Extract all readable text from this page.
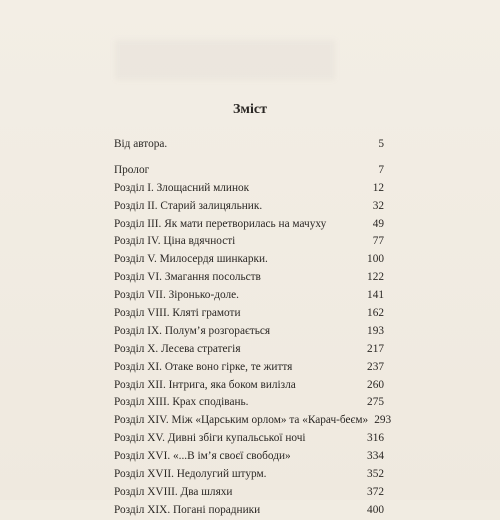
Зміст
Від автора.	5
Пролог	7
Розділ І. Злощасний млинок	12
Розділ ІІ. Старий залицяльник.	32
Розділ ІІІ. Як мати перетворилась на мачуху	49
Розділ IV. Ціна вдячності	77
Розділ V. Милосердя шинкарки.	100
Розділ VI. Змагання посольств	122
Розділ VII. Зіронько-доле.	141
Розділ VIII. Кляті грамоти	162
Розділ IX. Полум’я розгорається	193
Розділ X. Лесева стратегія	217
Розділ XI. Отаке воно гірке, те життя	237
Розділ XII. Інтрига, яка боком вилізла	260
Розділ XIII. Крах сподівань.	275
Розділ XIV. Між «Царським орлом» та «Карач-беєм» 293
Розділ XV. Дивні збіги купальської ночі	316
Розділ XVI. «...В ім’я своєї свободи»	334
Розділ XVII. Недолугий штурм.	352
Розділ XVIII. Два шляхи	372
Розділ XIX. Погані порадники	400
